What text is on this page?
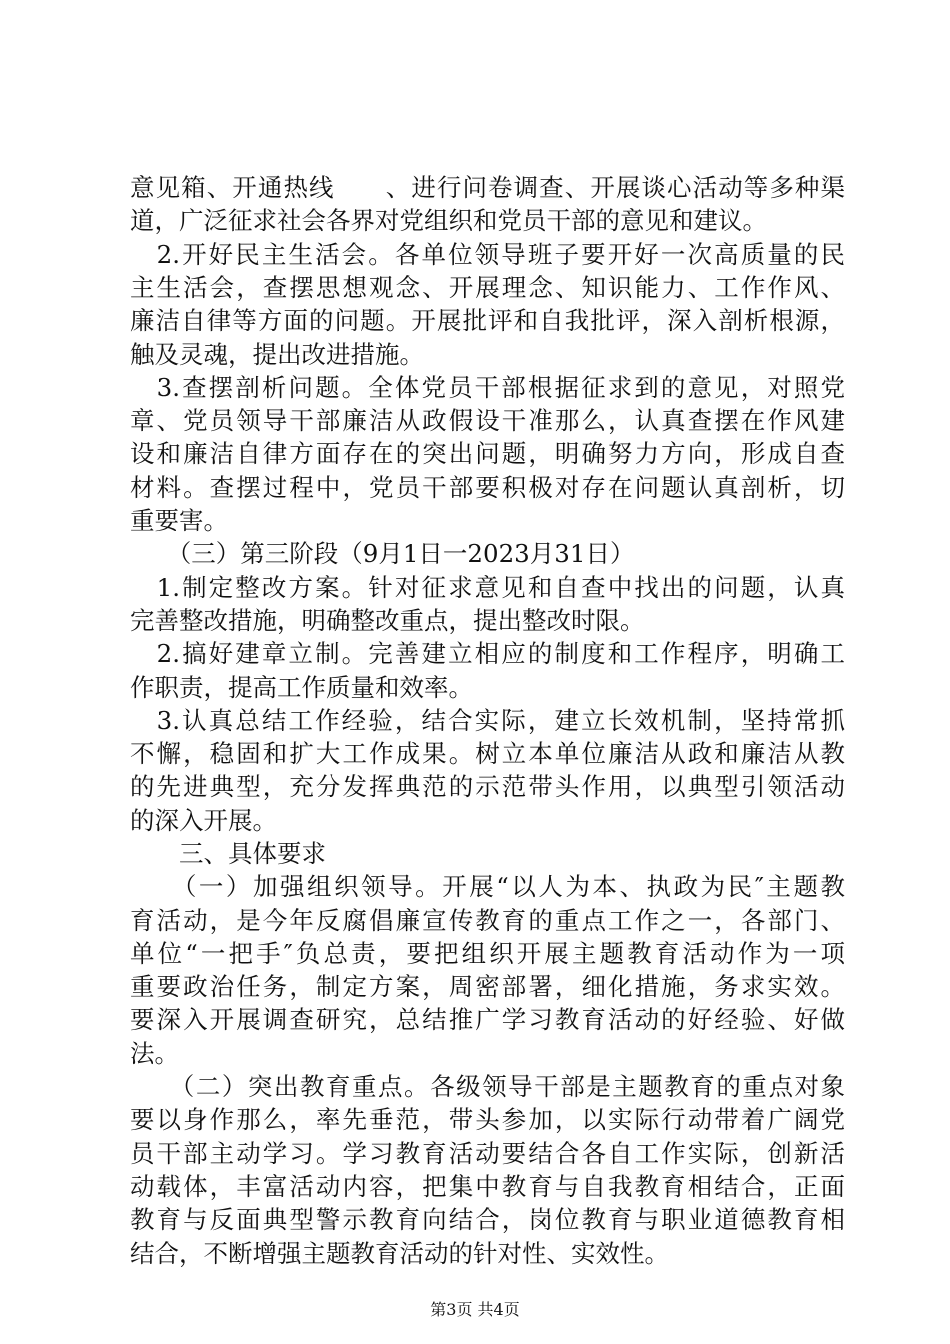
意见箱、开通热线　　、进行问卷调查、开展谈心活动等多种渠

道，广泛征求社会各界对党组织和党员干部的意见和建议。

　2.开好民主生活会。各单位领导班子要开好一次高质量的民

主生活会，查摆思想观念、开展理念、知识能力、工作作风、

廉洁自律等方面的问题。开展批评和自我批评，深入剖析根源，

触及灵魂，提出改进措施。

　3.查摆剖析问题。全体党员干部根据征求到的意见，对照党

章、党员领导干部廉洁从政假设干准那么，认真查摆在作风建

设和廉洁自律方面存在的突出问题，明确努力方向，形成自查

材料。查摆过程中，党员干部要积极对存在问题认真剖析，切

重要害。

　　（三）第三阶段（9月1日一2023月31日）

　1.制定整改方案。针对征求意见和自查中找出的问题，认真

完善整改措施，明确整改重点，提出整改时限。

　2.搞好建章立制。完善建立相应的制度和工作程序，明确工

作职责，提高工作质量和效率。

　3.认真总结工作经验，结合实际，建立长效机制，坚持常抓

不懈，稳固和扩大工作成果。树立本单位廉洁从政和廉洁从教

的先进典型，充分发挥典范的示范带头作用，以典型引领活动

的深入开展。

　　三、具体要求

　　（一）加强组织领导。开展“以人为本、执政为民″主题教

育活动，是今年反腐倡廉宣传教育的重点工作之一，各部门、

单位“一把手″负总责，要把组织开展主题教育活动作为一项

重要政治任务，制定方案，周密部署，细化措施，务求实效。

要深入开展调查研究，总结推广学习教育活动的好经验、好做

法。

　　（二）突出教育重点。各级领导干部是主题教育的重点对象

要以身作那么，率先垂范，带头参加，以实际行动带着广阔党

员干部主动学习。学习教育活动要结合各自工作实际，创新活

动载体，丰富活动内容，把集中教育与自我教育相结合，正面

教育与反面典型警示教育向结合，岗位教育与职业道德教育相

结合，不断增强主题教育活动的针对性、实效性。

第3页 共4页
